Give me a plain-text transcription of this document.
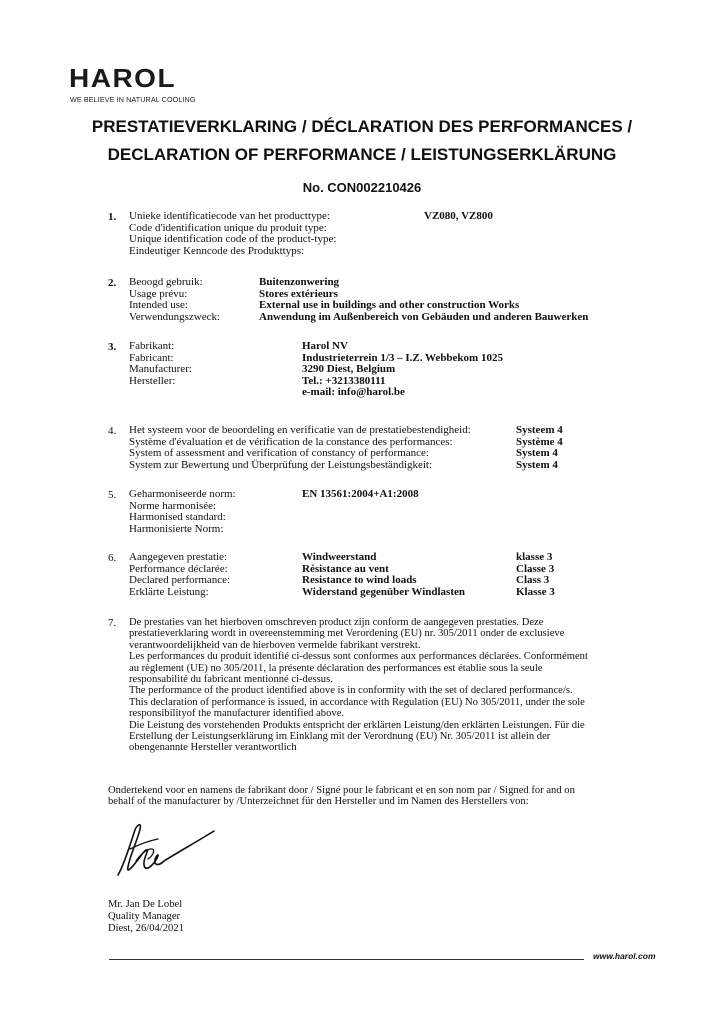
HAROL
WE BELIEVE IN NATURAL COOLING
PRESTATIEVERKLARING / DÉCLARATION DES PERFORMANCES /
DECLARATION OF PERFORMANCE / LEISTUNGSERKLÄRUNG
No. CON002210426
1. Unieke identificatiecode van het producttype:
Code d'identification unique du produit type:
Unique identification code of the product-type:
Eindeutiger Kenncode des Produkttyps:
VZ080, VZ800
2. Beoogd gebruik:
Usage prévu:
Intended use:
Verwendungszweck:
Buitenzonwering
Stores extérieurs
External use in buildings and other construction Works
Anwendung im Außenbereich von Gebäuden und anderen Bauwerken
3. Fabrikant:
Fabricant:
Manufacturer:
Hersteller:
Harol NV
Industrieterrein 1/3 – I.Z. Webbekom 1025
3290 Diest, Belgium
Tel.: +3213380111
e-mail: info@harol.be
4. Het systeem voor de beoordeling en verificatie van de prestatiebestendigheid:
Système d'évaluation et de vérification de la constance des performances:
System of assessment and verification of constancy of performance:
System zur Bewertung und Überprüfung der Leistungsbeständigkeit:
Systeem 4
Système 4
System 4
System 4
5. Geharmoniseerde norm:
Norme harmonisée:
Harmonised standard:
Harmonisierte Norm:
EN 13561:2004+A1:2008
6. Aangegeven prestatie:
Performance déclarée:
Declared performance:
Erklärte Leistung:
Windweerstand
Résistance au vent
Resistance to wind loads
Widerstand gegenüber Windlasten
klasse 3
Classe 3
Class 3
Klasse 3
7. De prestaties van het hierboven omschreven product zijn conform de aangegeven prestaties. Deze
prestatieverklaring wordt in overeenstemming met Verordening (EU) nr. 305/2011 onder de exclusieve
verantwoordelijkheid van de hierboven vermelde fabrikant verstrekt.
Les performances du produit identifié ci-dessus sont conformes aux performances déclarées. Conformément
au règlement (UE) no 305/2011, la présente déclaration des performances est établie sous la seule
responsabilité du fabricant mentionné ci-dessus.
The performance of the product identified above is in conformity with the set of declared performance/s.
This declaration of performance is issued, in accordance with Regulation (EU) No 305/2011, under the sole
responsibilityof the manufacturer identified above.
Die Leistung des vorstehenden Produkts entspricht der erklärten Leistung/den erklärten Leistungen. Für die
Erstellung der Leistungserklärung im Einklang mit der Verordnung (EU) Nr. 305/2011 ist allein der
obengenannte Hersteller verantwortlich
Ondertekend voor en namens de fabrikant door / Signé pour le fabricant et en son nom par / Signed for and on
behalf of the manufacturer by /Unterzeichnet für den Hersteller und im Namen des Herstellers von:
Mr. Jan De Lobel
Quality Manager
Diest, 26/04/2021
www.harol.com
